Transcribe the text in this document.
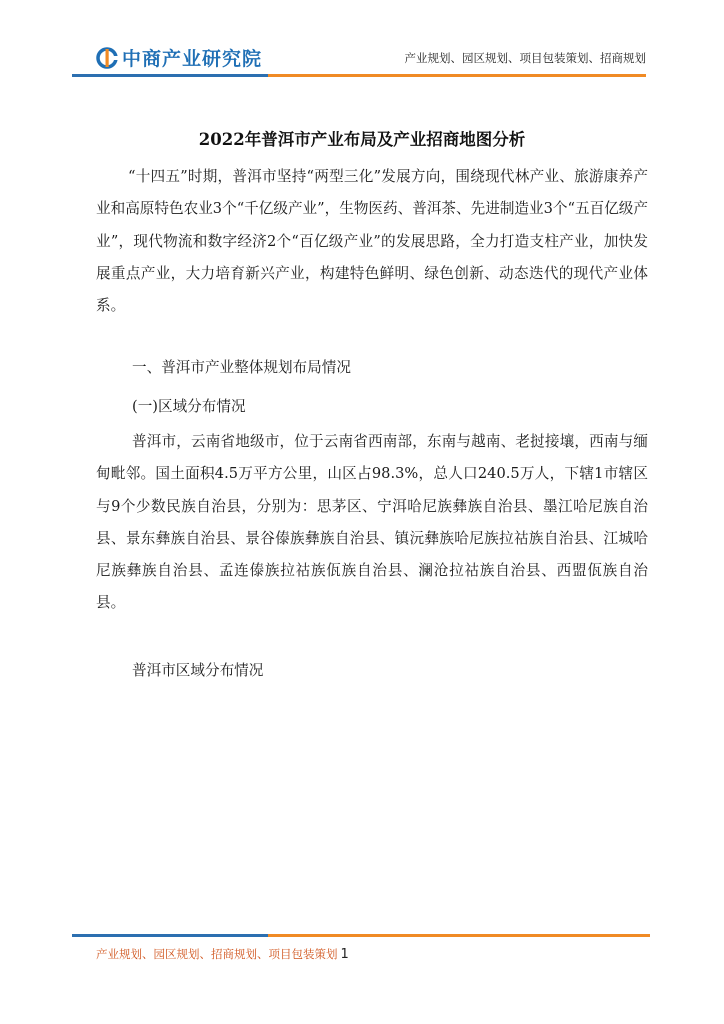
中商产业研究院	产业规划、园区规划、项目包装策划、招商规划
2022年普洱市产业布局及产业招商地图分析

“十四五”时期，普洱市坚持“两型三化”发展方向，围绕现代林产业、旅游康养产业和高原特色农业3个“千亿级产业”，生物医药、普洱茶、先进制造业3个“五百亿级产业”，现代物流和数字经济2个“百亿级产业”的发展思路，全力打造支柱产业，加快发展重点产业，大力培育新兴产业，构建特色鲜明、绿色创新、动态迭代的现代产业体系。

一、普洱市产业整体规划布局情况

(一)区域分布情况

普洱市，云南省地级市，位于云南省西南部，东南与越南、老挝接壤，西南与缅甸毗邻。国土面积4.5万平方公里，山区占98.3%，总人口240.5万人，下辖1市辖区与9个少数民族自治县，分别为：思茅区、宁洱哈尼族彝族自治县、墨江哈尼族自治县、景东彝族自治县、景谷傣族彝族自治县、镇沅彝族哈尼族拉祜族自治县、江城哈尼族彝族自治县、孟连傣族拉祜族佤族自治县、澜沧拉祜族自治县、西盟佤族自治县。

普洱市区域分布情况

产业规划、园区规划、招商规划、项目包装策划 1
